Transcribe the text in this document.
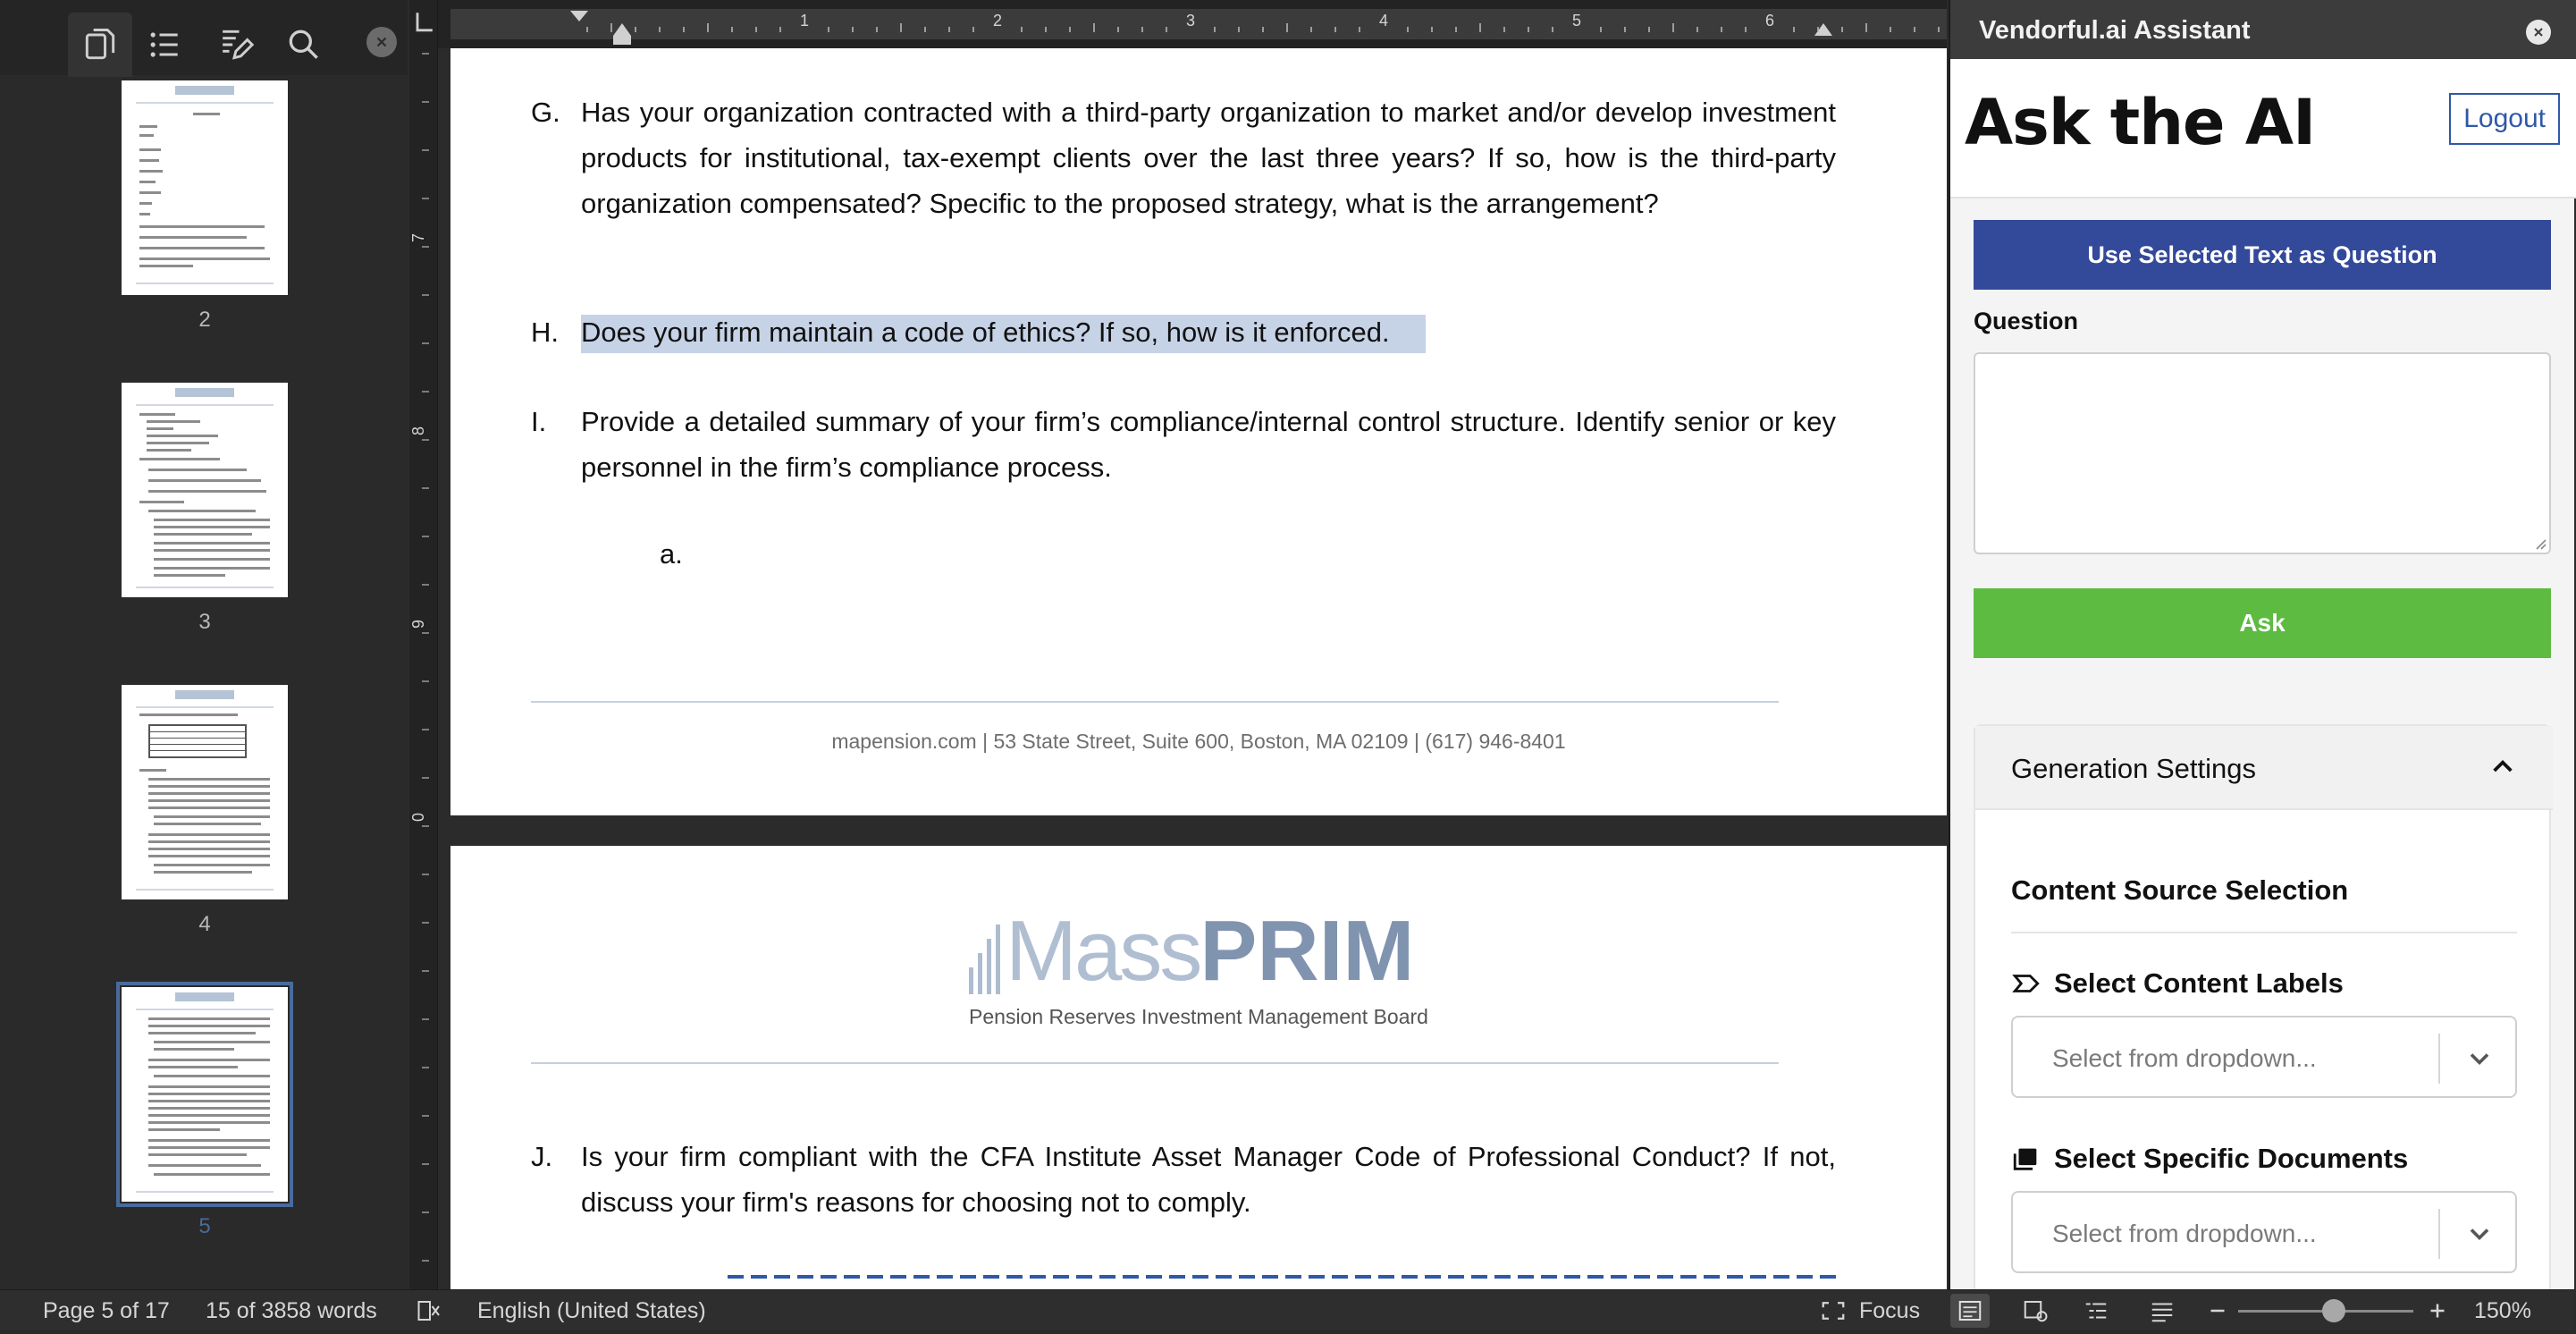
2
3
4
5
7
8
9
0
1	2	3	4	5	6
G. Has your organization contracted with a third-party organization to market and/or develop investment products for institutional, tax-exempt clients over the last three years? If so, how is the third-party organization compensated? Specific to the proposed strategy, what is the arrangement?
H. Does your firm maintain a code of ethics? If so, how is it enforced.
I. Provide a detailed summary of your firm’s compliance/internal control structure. Identify senior or key personnel in the firm’s compliance process.
a.
mapension.com | 53 State Street, Suite 600, Boston, MA 02109 | (617) 946-8401
Mass PRIM
Pension Reserves Investment Management Board
J. Is your firm compliant with the CFA Institute Asset Manager Code of Professional Conduct? If not, discuss your firm's reasons for choosing not to comply.
Vendorful.ai Assistant
Ask the AI	Logout
Use Selected Text as Question
Question
Ask
Generation Settings
Content Source Selection
Select Content Labels
Select from dropdown...
Select Specific Documents
Select from dropdown...
Page 5 of 17 15 of 3858 words	English (United States)	Focus	150%
